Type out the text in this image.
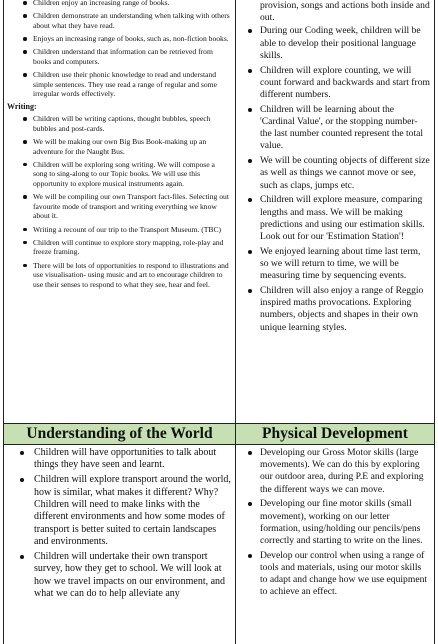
Children enjoy an increasing range of books.
Children demonstrate an understanding when talking with others about what they have read.
Enjoys an increasing range of books, such as, non-fiction books.
Children understand that information can be retrieved from books and computers.
Children use their phonic knowledge to read and understand simple sentences. They use read a range of regular and some irregular words effectively.

Writing:

Children will be writing captions, thought bubbles, speech bubbles and post-cards.
We will be making our own Big Bus Book-making up an adventure for the Naught Bus.
Children will be exploring song writing. We will compose a song to sing-along to our Topic books. We will use this opportunity to explore musical instruments again.
We will be compiling our own Transport fact-files. Selecting out favourite mode of transport and writing everything we know about it.
Writing a recount of our trip to the Transport Museum. (TBC)
Children will continue to explore story mapping, role-play and freeze framing.
There will be lots of opportunities to respond to illustrations and use visualisation- using music and art to encourage children to use their senses to respond to what they see, hear and feel.
provision, songs and actions both inside and out.
During our Coding week, children will be able to develop their positional language skills.
Children will explore counting, we will count forward and backwards and start from different numbers.
Children will be learning about the 'Cardinal Value', or the stopping number- the last number counted represent the total value.
We will be counting objects of different size as well as things we cannot move or see, such as claps, jumps etc.
Children will explore measure, comparing lengths and mass. We will be making predictions and using our estimation skills. Look out for our 'Estimation Station'!
We enjoyed learning about time last term, so we will return to time, we will be measuring time by sequencing events.
Children will also enjoy a range of Reggio inspired maths provocations. Exploring numbers, objects and shapes in their own unique learning styles.

Understanding of the World	Physical Development

Children will have opportunities to talk about things they have seen and learnt.
Children will explore transport around the world, how is similar, what makes it different? Why? Children will need to make links with the different environments and how some modes of transport is better suited to certain landscapes and environments.
Children will undertake their own transport survey, how they get to school. We will look at how we travel impacts on our environment, and what we can do to help alleviate any
Developing our Gross Motor skills (large movements). We can do this by exploring our outdoor area, during P.E and exploring the different ways we can move.
Developing our fine motor skills (small movement), working on our letter formation, using/holding our pencils/pens correctly and starting to write on the lines.
Develop our control when using a range of tools and materials, using our motor skills to adapt and change how we use equipment to achieve an effect.
